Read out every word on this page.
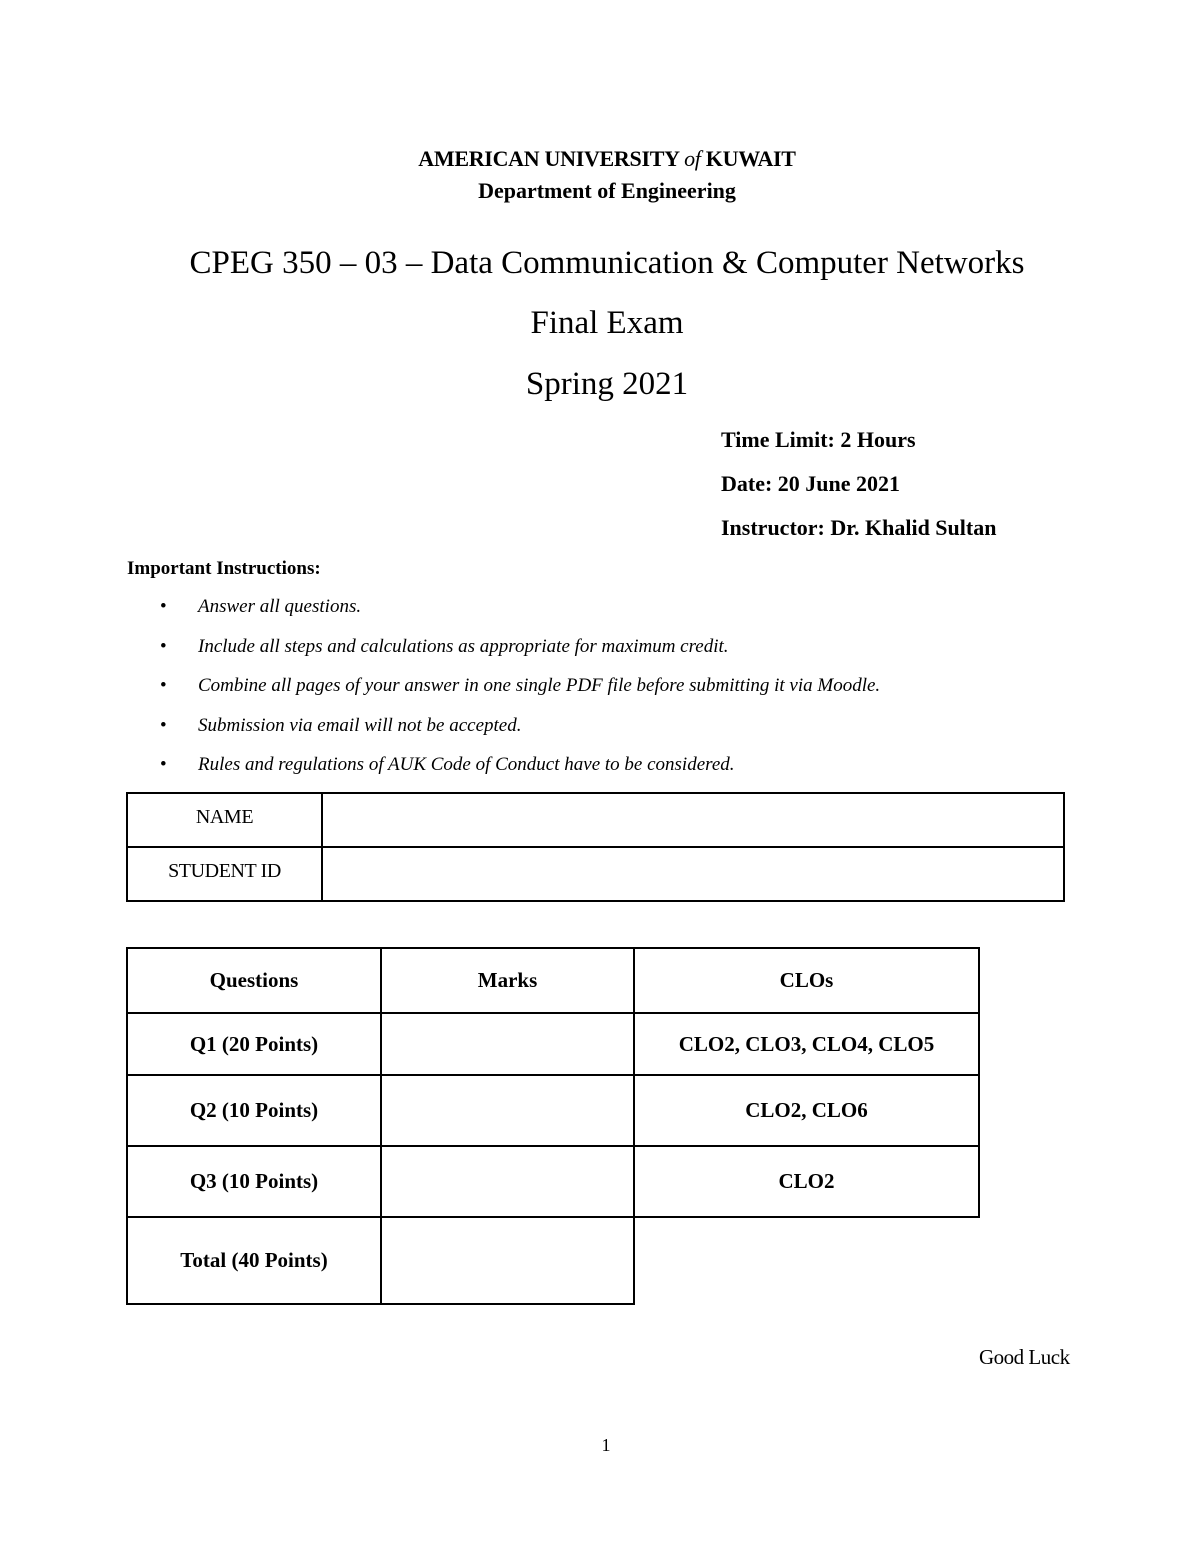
AMERICAN UNIVERSITY of KUWAIT
Department of Engineering
CPEG 350 – 03 – Data Communication & Computer Networks
Final Exam
Spring 2021
Time Limit: 2 Hours
Date: 20 June 2021
Instructor: Dr. Khalid Sultan
Important Instructions:
• Answer all questions.
• Include all steps and calculations as appropriate for maximum credit.
• Combine all pages of your answer in one single PDF file before submitting it via Moodle.
• Submission via email will not be accepted.
• Rules and regulations of AUK Code of Conduct have to be considered.
NAME	
STUDENT ID	
Questions	Marks	CLOs
Q1 (20 Points)		CLO2, CLO3, CLO4, CLO5
Q2 (10 Points)		CLO2, CLO6
Q3 (10 Points)		CLO2
Total (40 Points)		
Good Luck
1
